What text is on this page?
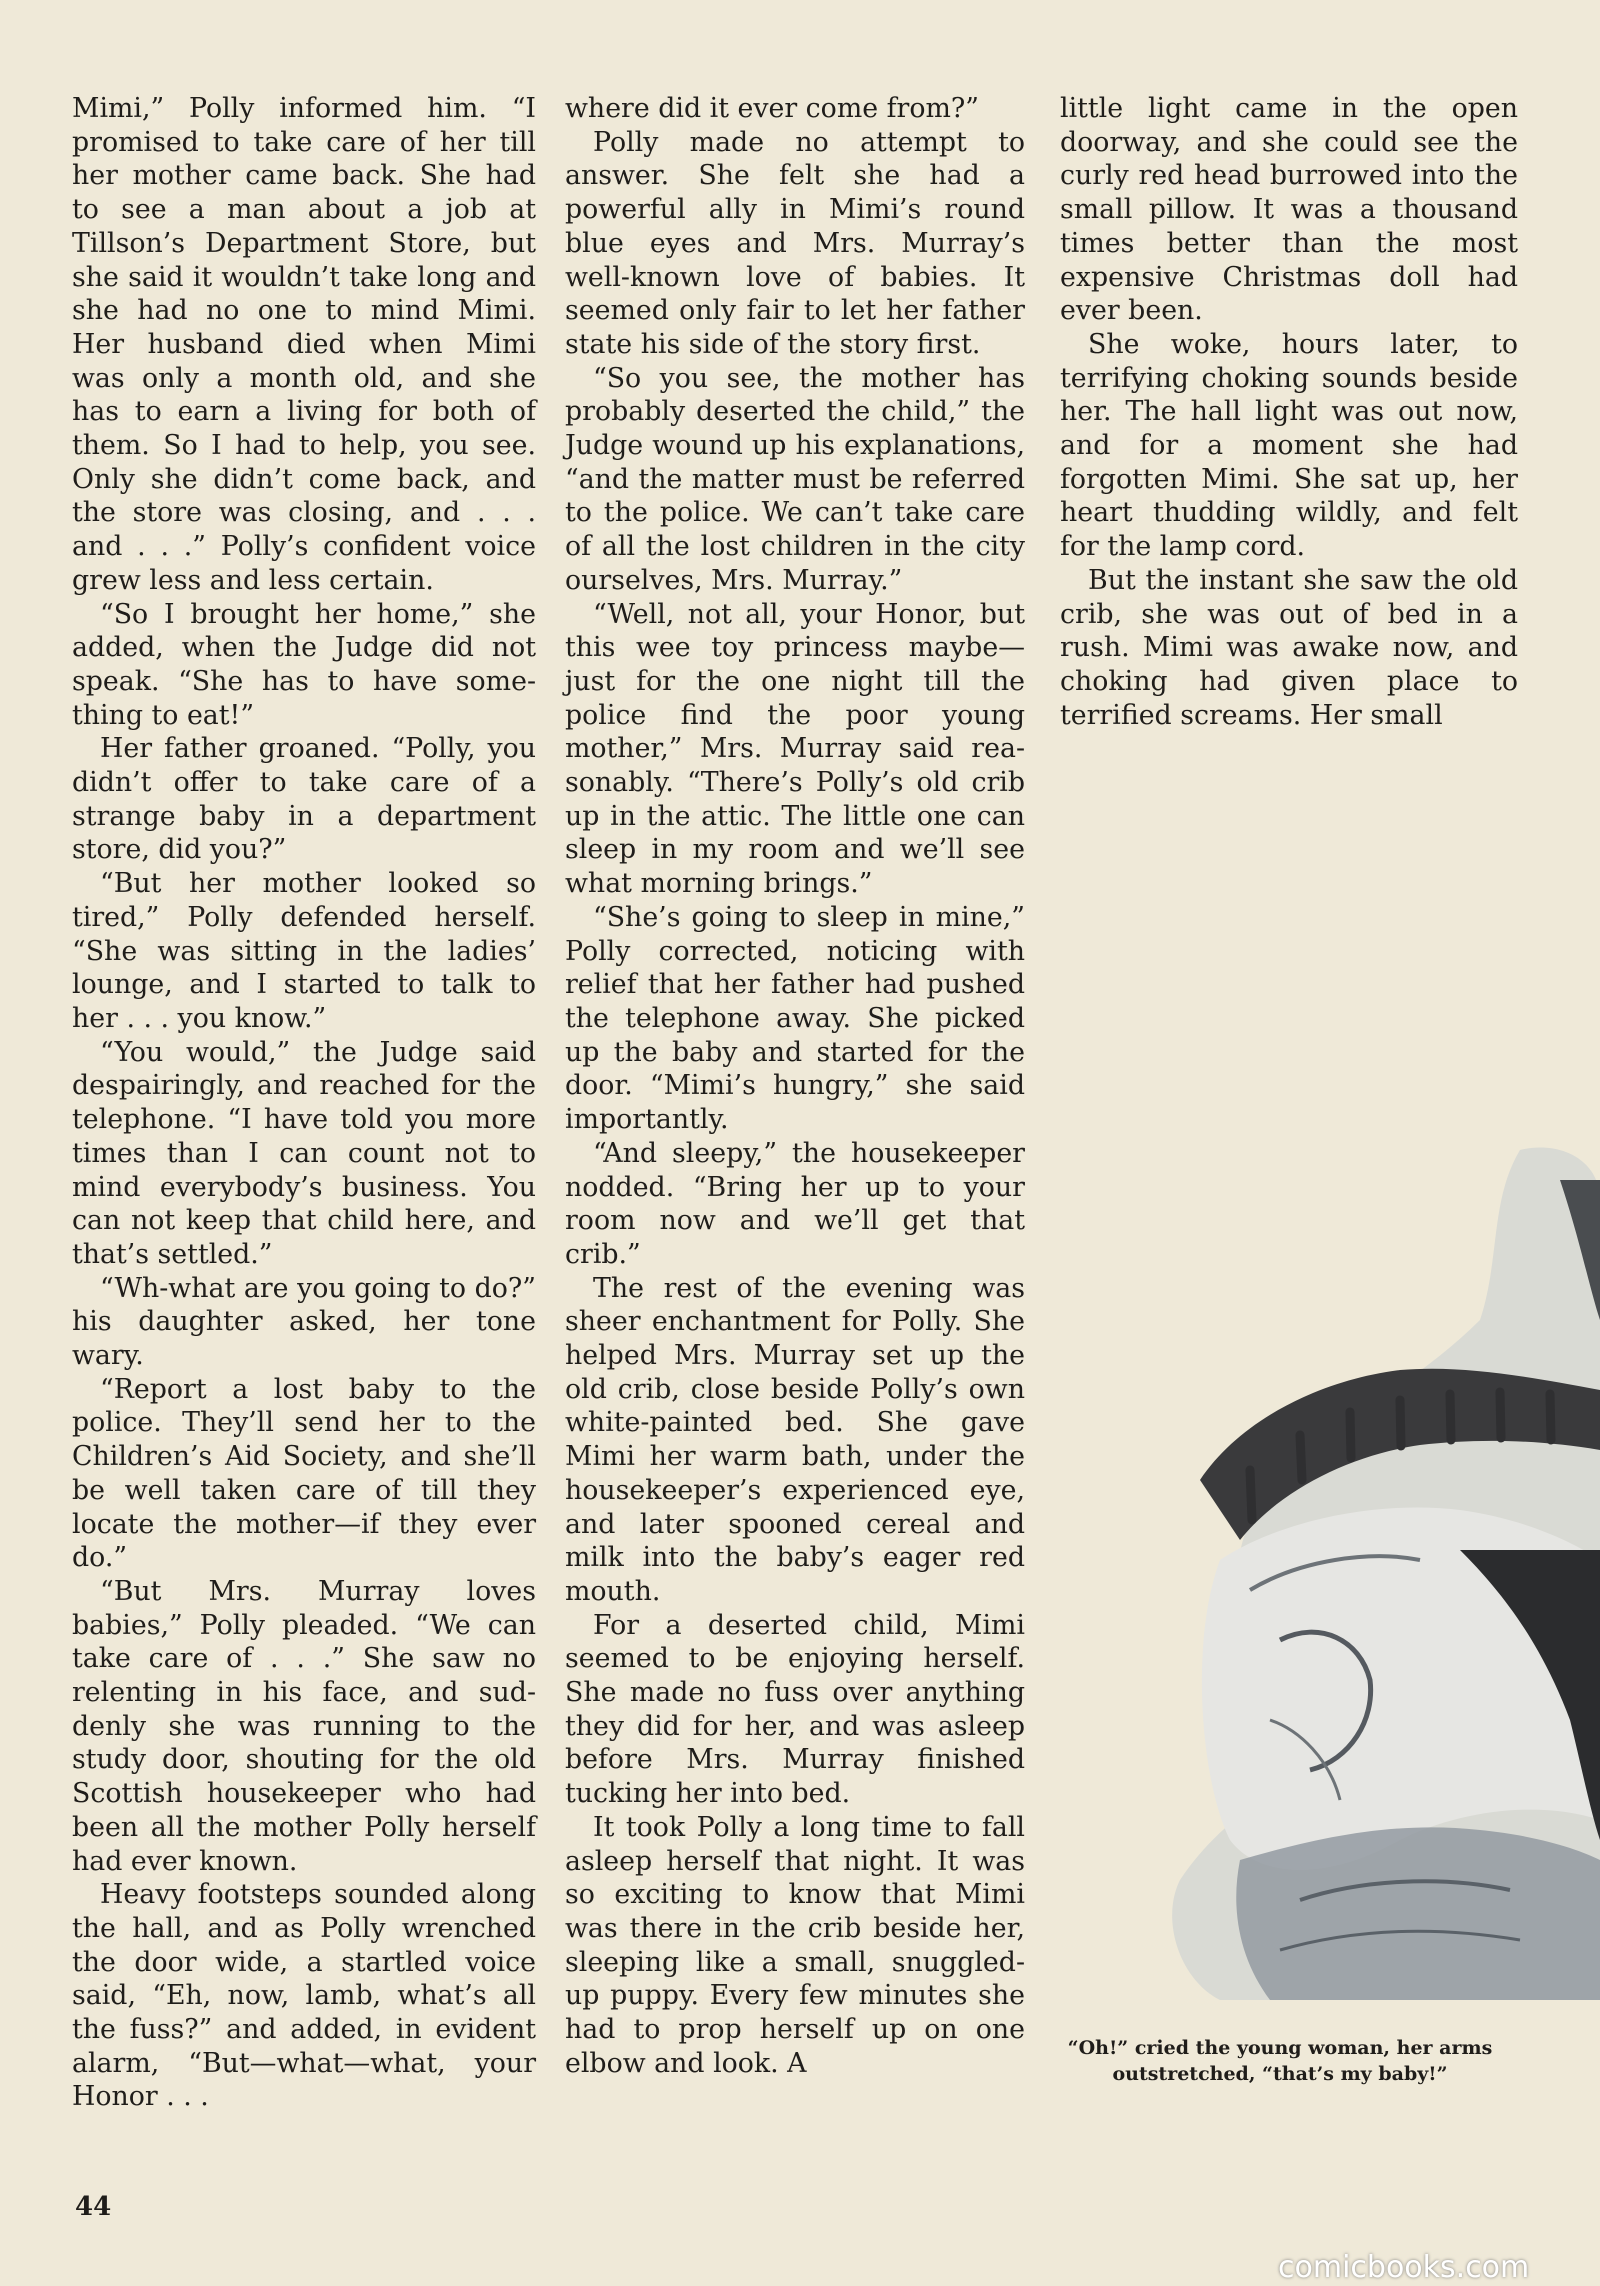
Mimi,” Polly informed him. “I promised to take care of her till her mother came back. She had to see a man about a job at Tillson’s Department Store, but she said it wouldn’t take long and she had no one to mind Mimi. Her husband died when Mimi was only a month old, and she has to earn a living for both of them. So I had to help, you see. Only she didn’t come back, and the store was closing, and . . . and . . .” Polly’s confident voice grew less and less certain.

“So I brought her home,” she added, when the Judge did not speak. “She has to have something to eat!”

Her father groaned. “Polly, you didn’t offer to take care of a strange baby in a department store, did you?”

“But her mother looked so tired,” Polly defended herself. “She was sitting in the ladies’ lounge, and I started to talk to her . . . you know.”

“You would,” the Judge said despairingly, and reached for the telephone. “I have told you more times than I can count not to mind everybody’s business. You can not keep that child here, and that’s settled.”

“Wh-what are you going to do?” his daughter asked, her tone wary.

“Report a lost baby to the police. They’ll send her to the Children’s Aid Society, and she’ll be well taken care of till they locate the mother—if they ever do.”

“But Mrs. Murray loves babies,” Polly pleaded. “We can take care of . . .” She saw no relenting in his face, and suddenly she was running to the study door, shouting for the old Scottish housekeeper who had been all the mother Polly herself had ever known.

Heavy footsteps sounded along the hall, and as Polly wrenched the door wide, a startled voice said, “Eh, now, lamb, what’s all the fuss?” and added, in evident alarm, “But—what—what, your Honor . . .

where did it ever come from?”

Polly made no attempt to answer. She felt she had a powerful ally in Mimi’s round blue eyes and Mrs. Murray’s well-known love of babies. It seemed only fair to let her father state his side of the story first.

“So you see, the mother has probably deserted the child,” the Judge wound up his explanations, “and the matter must be referred to the police. We can’t take care of all the lost children in the city ourselves, Mrs. Murray.”

“Well, not all, your Honor, but this wee toy princess maybe—just for the one night till the police find the poor young mother,” Mrs. Murray said reasonably. “There’s Polly’s old crib up in the attic. The little one can sleep in my room and we’ll see what morning brings.”

“She’s going to sleep in mine,” Polly corrected, noticing with relief that her father had pushed the telephone away. She picked up the baby and started for the door. “Mimi’s hungry,” she said importantly.

“And sleepy,” the housekeeper nodded. “Bring her up to your room now and we’ll get that crib.”

The rest of the evening was sheer enchantment for Polly. She helped Mrs. Murray set up the old crib, close beside Polly’s own white-painted bed. She gave Mimi her warm bath, under the housekeeper’s experienced eye, and later spooned cereal and milk into the baby’s eager red mouth.

For a deserted child, Mimi seemed to be enjoying herself. She made no fuss over anything they did for her, and was asleep before Mrs. Murray finished tucking her into bed.

It took Polly a long time to fall asleep herself that night. It was so exciting to know that Mimi was there in the crib beside her, sleeping like a small, snuggled-up puppy. Every few minutes she had to prop herself up on one elbow and look. A

little light came in the open doorway, and she could see the curly red head burrowed into the small pillow. It was a thousand times better than the most expensive Christmas doll had ever been.

She woke, hours later, to terrifying choking sounds beside her. The hall light was out now, and for a moment she had forgotten Mimi. She sat up, her heart thudding wildly, and felt for the lamp cord.

But the instant she saw the old crib, she was out of bed in a rush. Mimi was awake now, and choking had given place to terrified screams. Her small

“Oh!” cried the young woman, her arms outstretched, “that’s my baby!”
44
comicbooks.com
